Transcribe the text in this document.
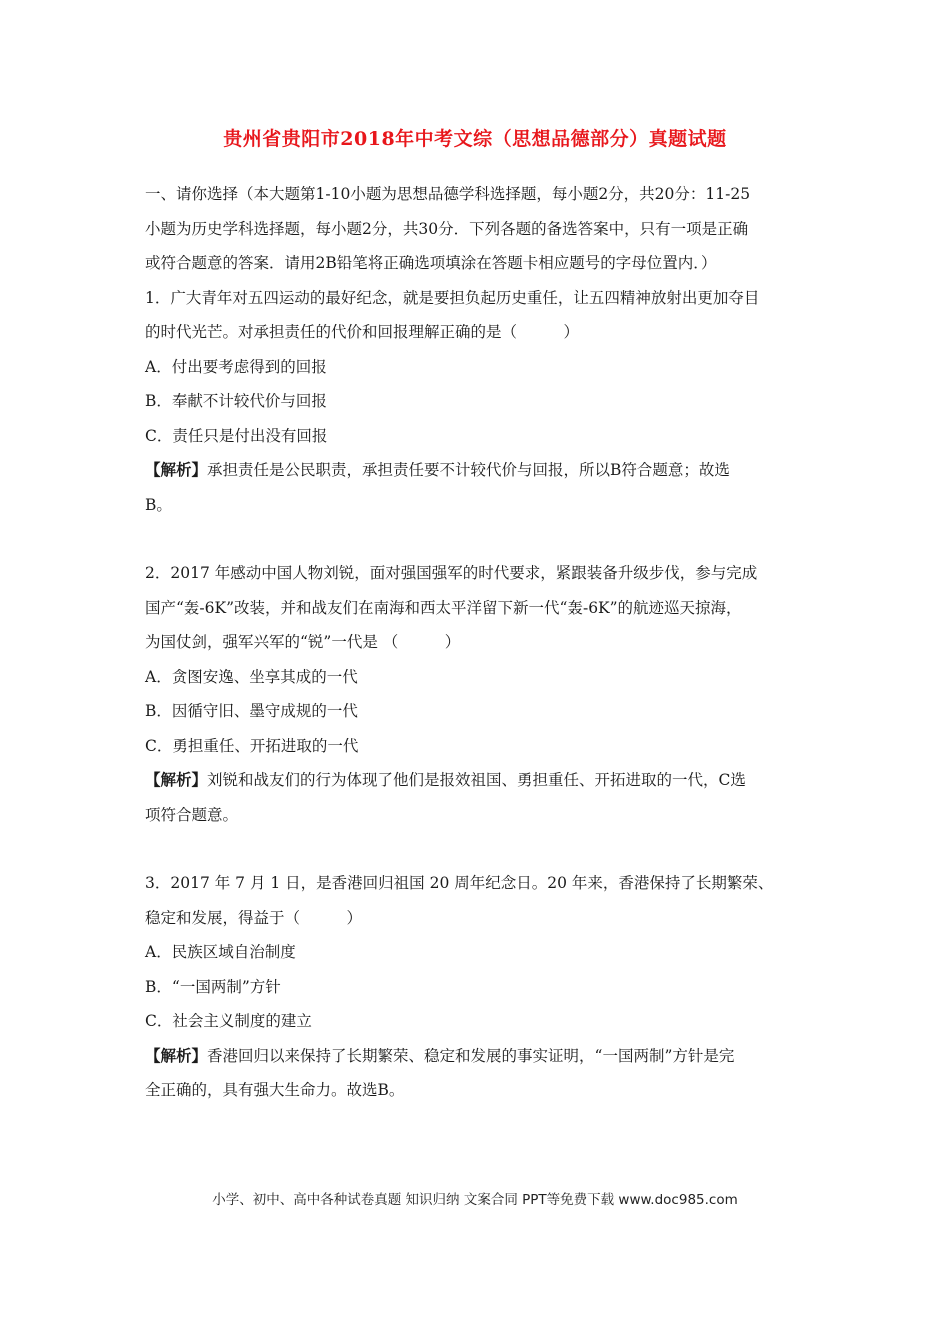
贵州省贵阳市2018年中考文综（思想品德部分）真题试题

一、请你选择（本大题第1-10小题为思想品德学科选择题，每小题2分，共20分：11-25

小题为历史学科选择题，每小题2分，共30分．下列各题的备选答案中，只有一项是正确

或符合题意的答案．请用2B铅笔将正确选项填涂在答题卡相应题号的字母位置内．）

1．广大青年对五四运动的最好纪念，就是要担负起历史重任，让五四精神放射出更加夺目

的时代光芒。对承担责任的代价和回报理解正确的是（　　　）

A．付出要考虑得到的回报

B．奉献不计较代价与回报

C．责任只是付出没有回报

【解析】承担责任是公民职责，承担责任要不计较代价与回报，所以B符合题意；故选

B。

2．2017 年感动中国人物刘锐，面对强国强军的时代要求，紧跟装备升级步伐，参与完成

国产“轰-6K”改装，并和战友们在南海和西太平洋留下新一代“轰-6K”的航迹巡天掠海，

为国仗剑，强军兴军的“锐”一代是 （　　　）

A．贪图安逸、坐享其成的一代

B．因循守旧、墨守成规的一代

C．勇担重任、开拓进取的一代

【解析】刘锐和战友们的行为体现了他们是报效祖国、勇担重任、开拓进取的一代，C选

项符合题意。

3．2017 年 7 月 1 日，是香港回归祖国 20 周年纪念日。20 年来，香港保持了长期繁荣、

稳定和发展，得益于（　　　）

A．民族区域自治制度

B．“一国两制”方针

C．社会主义制度的建立

【解析】香港回归以来保持了长期繁荣、稳定和发展的事实证明，“一国两制”方针是完

全正确的，具有强大生命力。故选B。

小学、初中、高中各种试卷真题 知识归纳 文案合同 PPT等免费下载 www.doc985.com
